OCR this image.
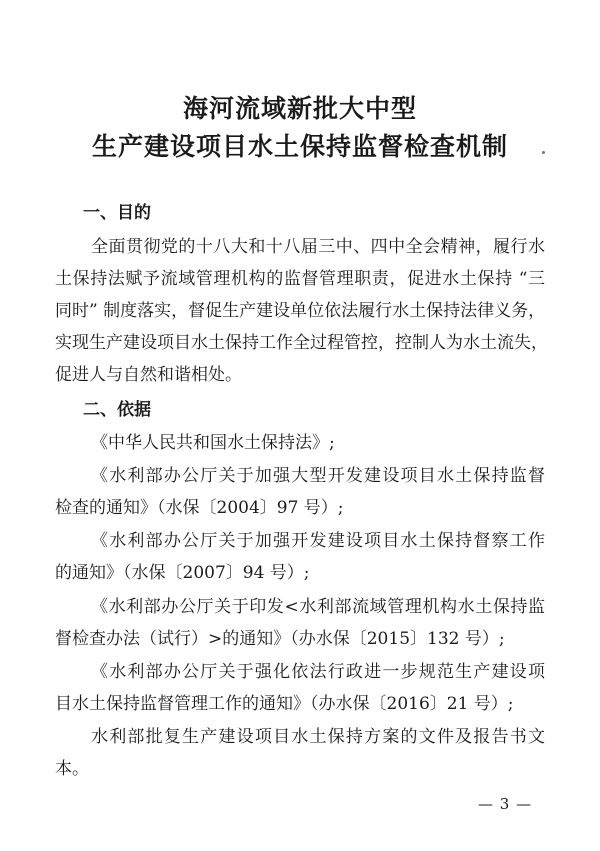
海河流域新批大中型
生产建设项目水土保持监督检查机制
一、目的
全面贯彻党的十八大和十八届三中、四中全会精神，履行水
土保持法赋予流域管理机构的监督管理职责，促进水土保持 “三
同时” 制度落实，督促生产建设单位依法履行水土保持法律义务，
实现生产建设项目水土保持工作全过程管控，控制人为水土流失，
促进人与自然和谐相处。
二、依据
《中华人民共和国水土保持法》;
《水利部办公厅关于加强大型开发建设项目水土保持监督
检查的通知》（水保〔2004〕97 号）;
《水利部办公厅关于加强开发建设项目水土保持督察工作
的通知》（水保〔2007〕94 号）;
《水利部办公厅关于印发<水利部流域管理机构水土保持监
督检查办法（试行）>的通知》（办水保〔2015〕132 号）;
《水利部办公厅关于强化依法行政进一步规范生产建设项
目水土保持监督管理工作的通知》（办水保〔2016〕21 号）;
水利部批复生产建设项目水土保持方案的文件及报告书文
本。
— 3 —
